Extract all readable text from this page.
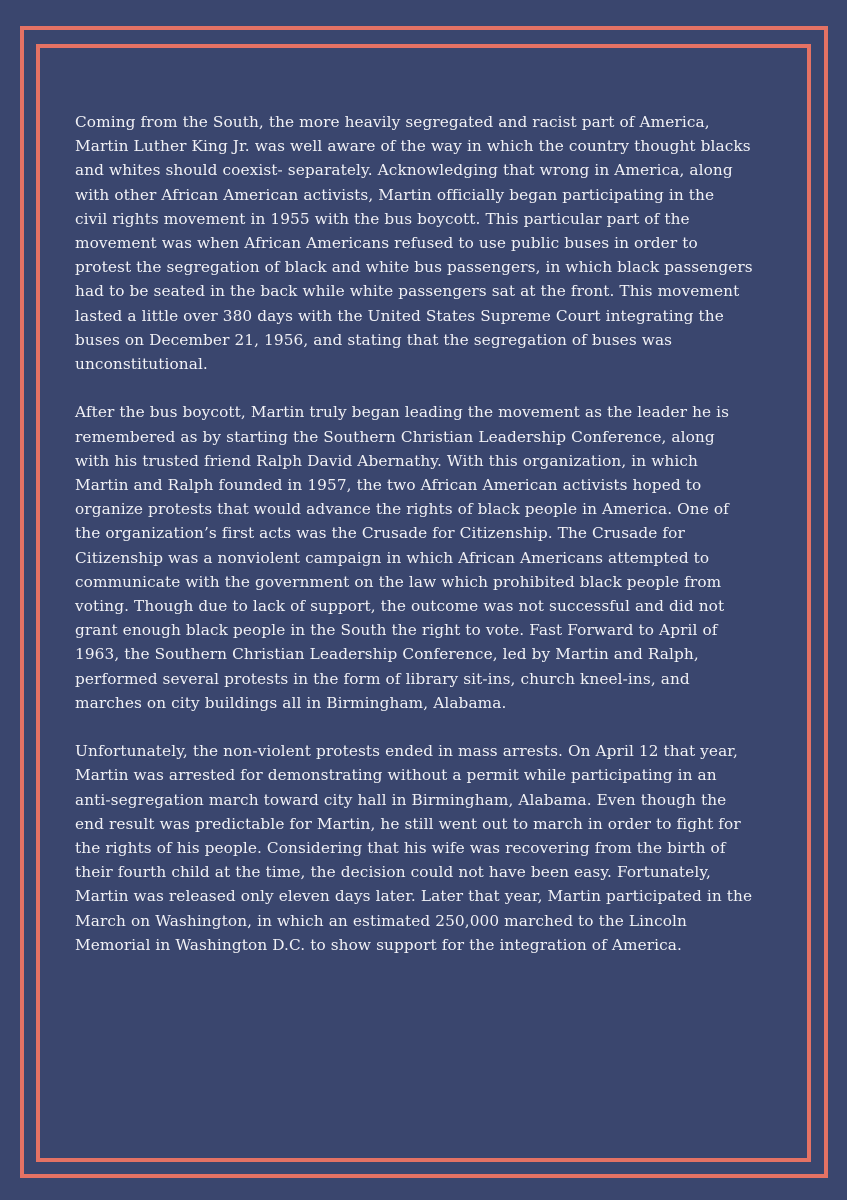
Coming from the South, the more heavily segregated and racist part of America,
Martin Luther King Jr. was well aware of the way in which the country thought blacks
and whites should coexist- separately. Acknowledging that wrong in America, along
with other African American activists, Martin officially began participating in the
civil rights movement in 1955 with the bus boycott. This particular part of the
movement was when African Americans refused to use public buses in order to
protest the segregation of black and white bus passengers, in which black passengers
had to be seated in the back while white passengers sat at the front. This movement
lasted a little over 380 days with the United States Supreme Court integrating the
buses on December 21, 1956, and stating that the segregation of buses was
unconstitutional.

After the bus boycott, Martin truly began leading the movement as the leader he is
remembered as by starting the Southern Christian Leadership Conference, along
with his trusted friend Ralph David Abernathy. With this organization, in which
Martin and Ralph founded in 1957, the two African American activists hoped to
organize protests that would advance the rights of black people in America. One of
the organization’s first acts was the Crusade for Citizenship. The Crusade for
Citizenship was a nonviolent campaign in which African Americans attempted to
communicate with the government on the law which prohibited black people from
voting. Though due to lack of support, the outcome was not successful and did not
grant enough black people in the South the right to vote. Fast Forward to April of
1963, the Southern Christian Leadership Conference, led by Martin and Ralph,
performed several protests in the form of library sit-ins, church kneel-ins, and
marches on city buildings all in Birmingham, Alabama.

Unfortunately, the non-violent protests ended in mass arrests. On April 12 that year,
Martin was arrested for demonstrating without a permit while participating in an
anti-segregation march toward city hall in Birmingham, Alabama. Even though the
end result was predictable for Martin, he still went out to march in order to fight for
the rights of his people. Considering that his wife was recovering from the birth of
their fourth child at the time, the decision could not have been easy. Fortunately,
Martin was released only eleven days later. Later that year, Martin participated in the
March on Washington, in which an estimated 250,000 marched to the Lincoln
Memorial in Washington D.C. to show support for the integration of America.
